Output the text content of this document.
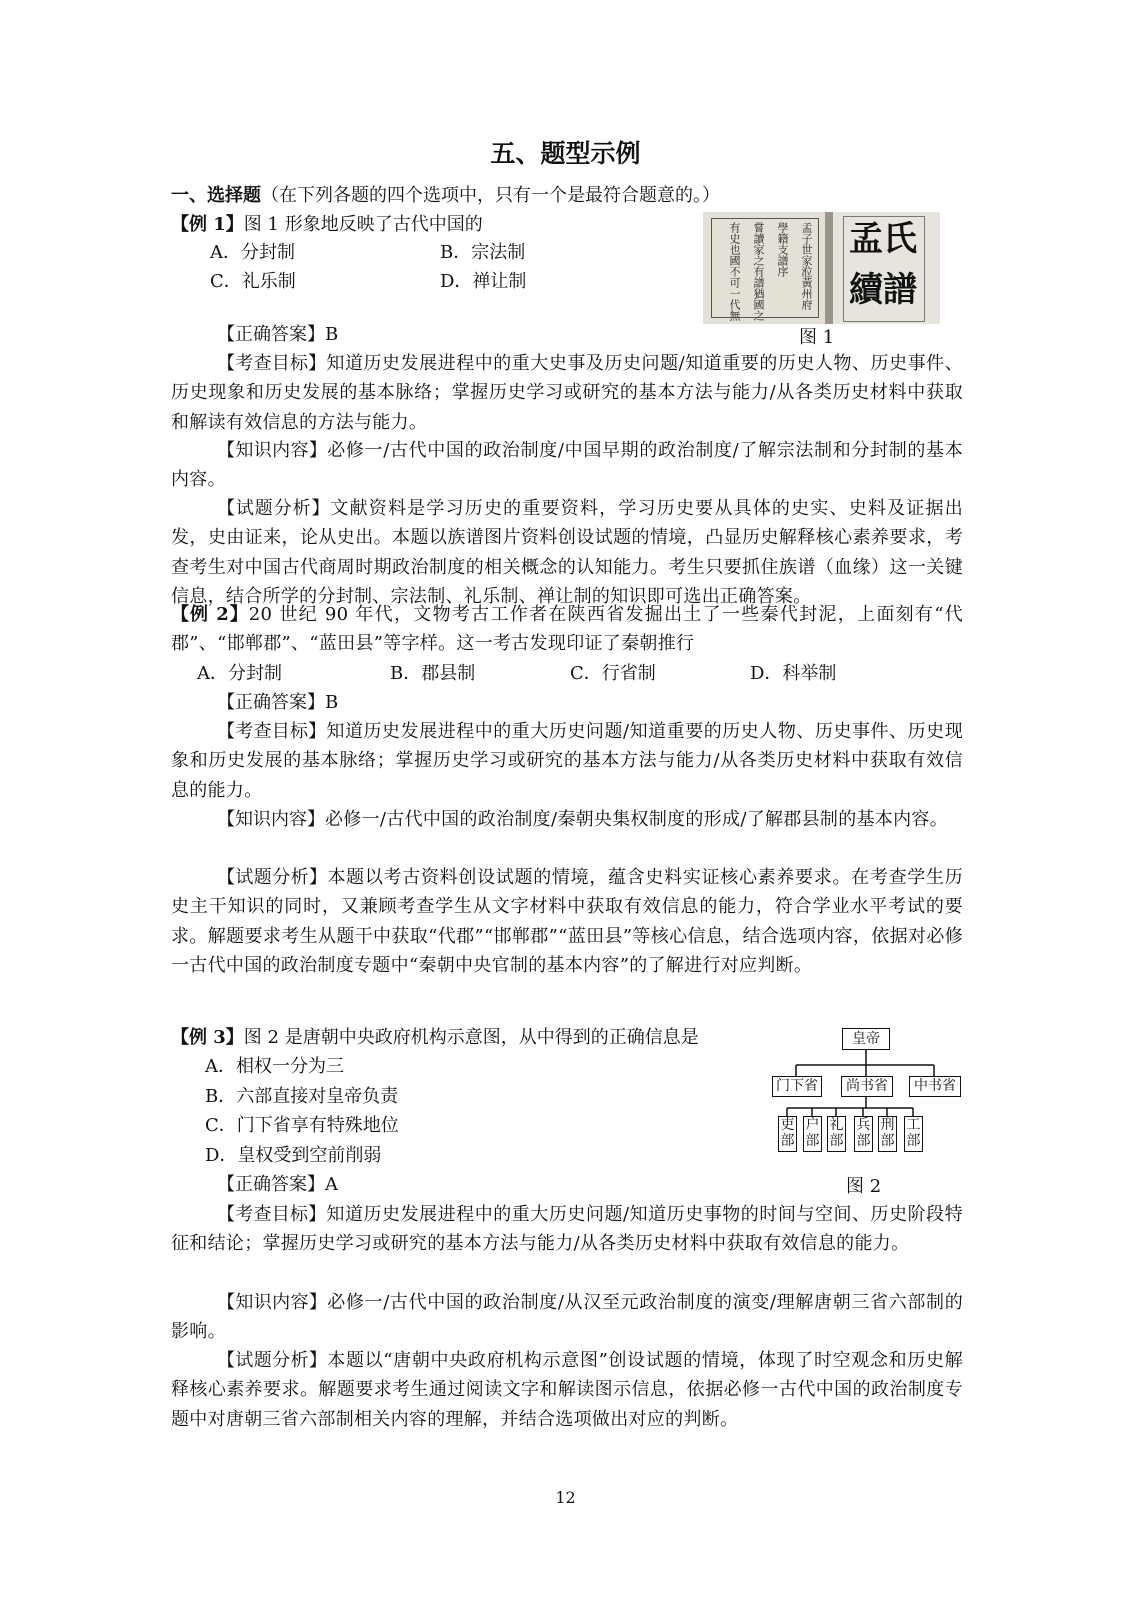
五、题型示例
一、选择题（在下列各题的四个选项中，只有一个是最符合题意的。）
【例 1】图 1 形象地反映了古代中国的
A．分封制	B．宗法制
C．礼乐制	D．禅让制	孟子世家涖黃州府
學籍支譜序
嘗讀家之有譜猶國之
有史也國不可一代無	孟氏續譜
图 1
【正确答案】B
【考查目标】知道历史发展进程中的重大史事及历史问题/知道重要的历史人物、历史事件、历史现象和历史发展的基本脉络；掌握历史学习或研究的基本方法与能力/从各类历史材料中获取和解读有效信息的方法与能力。
【知识内容】必修一/古代中国的政治制度/中国早期的政治制度/了解宗法制和分封制的基本内容。
【试题分析】文献资料是学习历史的重要资料，学习历史要从具体的史实、史料及证据出发，史由证来，论从史出。本题以族谱图片资料创设试题的情境，凸显历史解释核心素养要求，考查考生对中国古代商周时期政治制度的相关概念的认知能力。考生只要抓住族谱（血缘）这一关键信息，结合所学的分封制、宗法制、礼乐制、禅让制的知识即可选出正确答案。
【例 2】20 世纪 90 年代，文物考古工作者在陕西省发掘出土了一些秦代封泥，上面刻有“代郡”、“邯郸郡”、“蓝田县”等字样。这一考古发现印证了秦朝推行
A．分封制	B．郡县制	C．行省制	D．科举制
【正确答案】B
【考查目标】知道历史发展进程中的重大历史问题/知道重要的历史人物、历史事件、历史现象和历史发展的基本脉络；掌握历史学习或研究的基本方法与能力/从各类历史材料中获取有效信息的能力。
【知识内容】必修一/古代中国的政治制度/秦朝央集权制度的形成/了解郡县制的基本内容。
【试题分析】本题以考古资料创设试题的情境，蕴含史料实证核心素养要求。在考查学生历史主干知识的同时，又兼顾考查学生从文字材料中获取有效信息的能力，符合学业水平考试的要求。解题要求考生从题干中获取“代郡”“邯郸郡”“蓝田县”等核心信息，结合选项内容，依据对必修一古代中国的政治制度专题中“秦朝中央官制的基本内容”的了解进行对应判断。
【例 3】图 2 是唐朝中央政府机构示意图，从中得到的正确信息是
A．相权一分为三
B．六部直接对皇帝负责
C．门下省享有特殊地位
D．皇权受到空前削弱
【正确答案】A
皇帝
门下省	尚书省	中书省
吏
部
户
部
礼
部
兵
部
刑
部
工
部
图 2
【考查目标】知道历史发展进程中的重大历史问题/知道历史事物的时间与空间、历史阶段特征和结论；掌握历史学习或研究的基本方法与能力/从各类历史材料中获取有效信息的能力。
【知识内容】必修一/古代中国的政治制度/从汉至元政治制度的演变/理解唐朝三省六部制的影响。
【试题分析】本题以“唐朝中央政府机构示意图”创设试题的情境，体现了时空观念和历史解释核心素养要求。解题要求考生通过阅读文字和解读图示信息，依据必修一古代中国的政治制度专题中对唐朝三省六部制相关内容的理解，并结合选项做出对应的判断。
12
